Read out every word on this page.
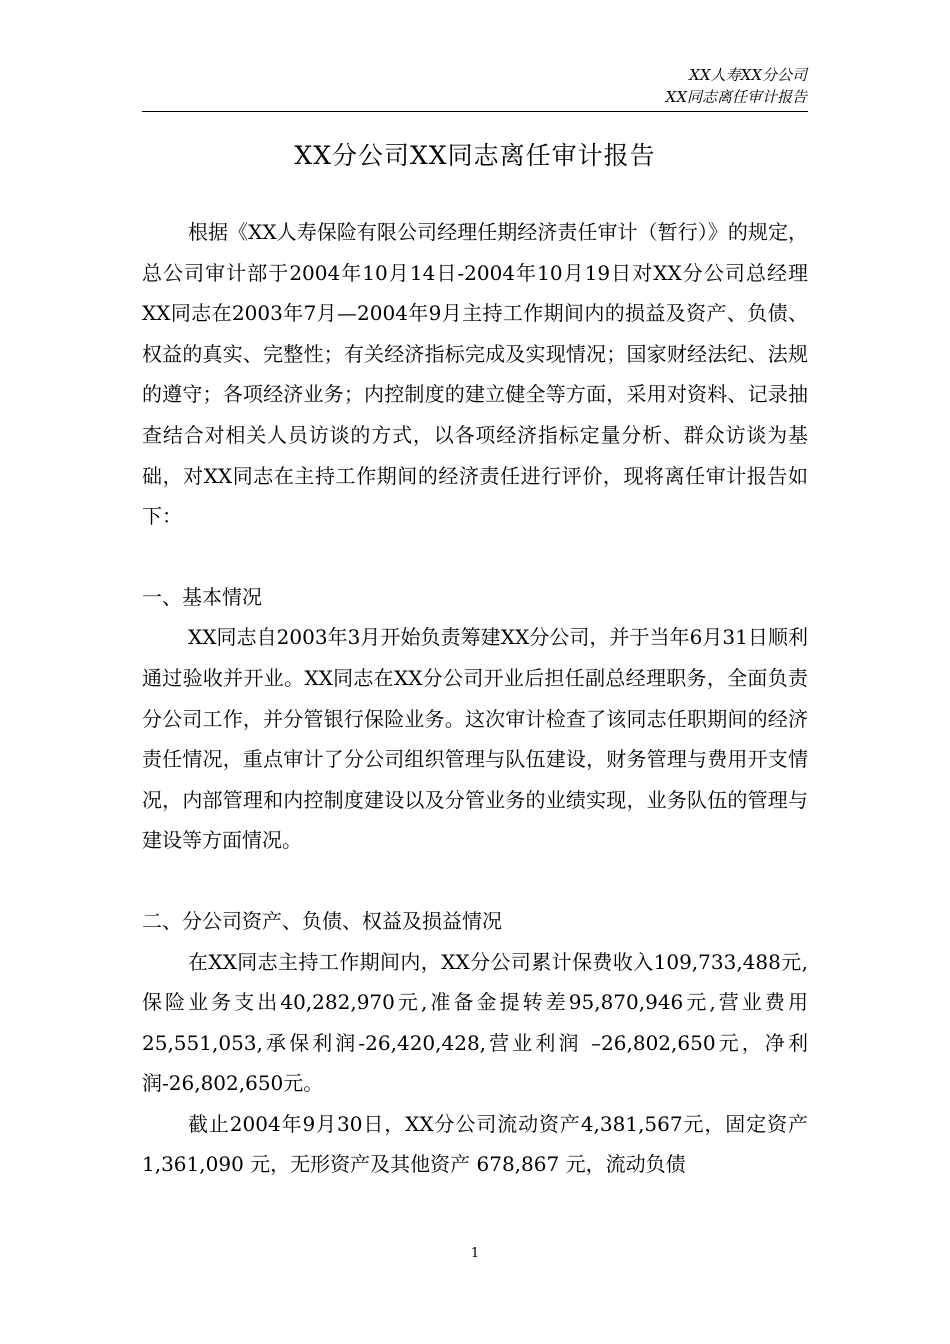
XX人寿XX分公司
XX同志离任审计报告
XX分公司XX同志离任审计报告

根据《XX人寿保险有限公司经理任期经济责任审计（暂行）》的规定，总公司审计部于2004年10月14日-2004年10月19日对XX分公司总经理XX同志在2003年7月—2004年9月主持工作期间内的损益及资产、负债、权益的真实、完整性；有关经济指标完成及实现情况；国家财经法纪、法规的遵守；各项经济业务；内控制度的建立健全等方面，采用对资料、记录抽查结合对相关人员访谈的方式，以各项经济指标定量分析、群众访谈为基础，对XX同志在主持工作期间的经济责任进行评价，现将离任审计报告如下：

一、基本情况

XX同志自2003年3月开始负责筹建XX分公司，并于当年6月31日顺利通过验收并开业。XX同志在XX分公司开业后担任副总经理职务，全面负责分公司工作，并分管银行保险业务。这次审计检查了该同志任职期间的经济责任情况，重点审计了分公司组织管理与队伍建设，财务管理与费用开支情况，内部管理和内控制度建设以及分管业务的业绩实现，业务队伍的管理与建设等方面情况。

二、分公司资产、负债、权益及损益情况

在XX同志主持工作期间内，XX分公司累计保费收入109,733,488元,保险业务支出40,282,970元,准备金提转差95,870,946元,营业费用25,551,053,承保利润-26,420,428,营业利润 –26,802,650元，净利润-26,802,650元。

截止2004年9月30日，XX分公司流动资产4,381,567元，固定资产 1,361,090 元，无形资产及其他资产 678,867 元，流动负债

1
